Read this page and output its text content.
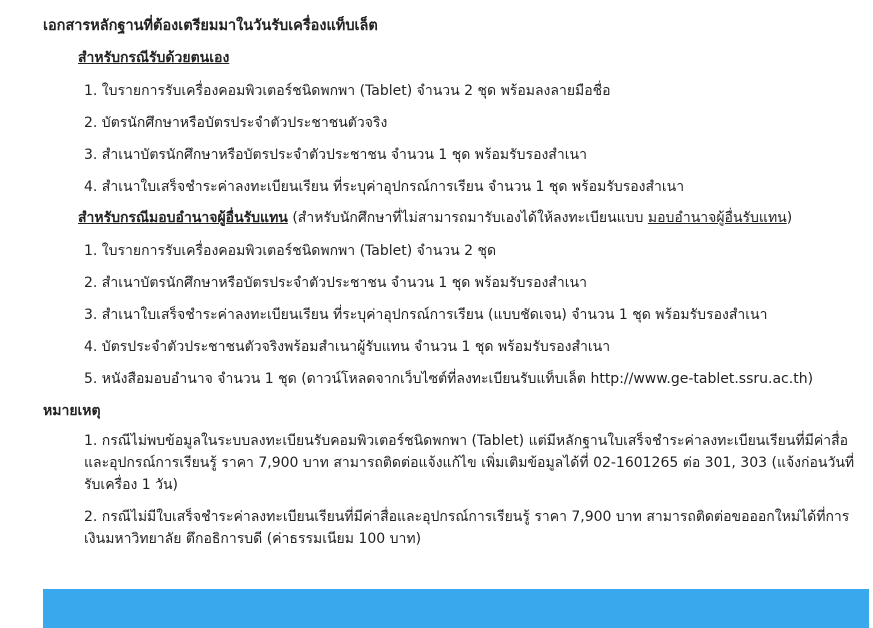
เอกสารหลักฐานที่ต้องเตรียมมาในวันรับเครื่องแท็บเล็ต
สำหรับกรณีรับด้วยตนเอง
1. ใบรายการรับเครื่องคอมพิวเตอร์ชนิดพกพา (Tablet) จำนวน 2 ชุด พร้อมลงลายมือชื่อ
2. บัตรนักศึกษาหรือบัตรประจำตัวประชาชนตัวจริง
3. สำเนาบัตรนักศึกษาหรือบัตรประจำตัวประชาชน จำนวน 1 ชุด พร้อมรับรองสำเนา
4. สำเนาใบเสร็จชำระค่าลงทะเบียนเรียน ที่ระบุค่าอุปกรณ์การเรียน จำนวน 1 ชุด พร้อมรับรองสำเนา
สำหรับกรณีมอบอำนาจผู้อื่นรับแทน (สำหรับนักศึกษาที่ไม่สามารถมารับเองได้ให้ลงทะเบียนแบบ มอบอำนาจผู้อื่นรับแทน)
1. ใบรายการรับเครื่องคอมพิวเตอร์ชนิดพกพา (Tablet) จำนวน 2 ชุด
2. สำเนาบัตรนักศึกษาหรือบัตรประจำตัวประชาชน จำนวน 1 ชุด พร้อมรับรองสำเนา
3. สำเนาใบเสร็จชำระค่าลงทะเบียนเรียน ที่ระบุค่าอุปกรณ์การเรียน (แบบชัดเจน) จำนวน 1 ชุด พร้อมรับรองสำเนา
4. บัตรประจำตัวประชาชนตัวจริงพร้อมสำเนาผู้รับแทน จำนวน 1 ชุด พร้อมรับรองสำเนา
5. หนังสือมอบอำนาจ จำนวน 1 ชุด (ดาวน์โหลดจากเว็บไซต์ที่ลงทะเบียนรับแท็บเล็ต http://www.ge-tablet.ssru.ac.th)
หมายเหตุ
1. กรณีไม่พบข้อมูลในระบบลงทะเบียนรับคอมพิวเตอร์ชนิดพกพา (Tablet) แต่มีหลักฐานใบเสร็จชำระค่าลงทะเบียนเรียนที่มีค่าสื่อและอุปกรณ์การเรียนรู้ ราคา 7,900 บาท สามารถติดต่อแจ้งแก้ไข เพิ่มเติมข้อมูลได้ที่ 02-1601265 ต่อ 301, 303 (แจ้งก่อนวันที่รับเครื่อง 1 วัน)
2. กรณีไม่มีใบเสร็จชำระค่าลงทะเบียนเรียนที่มีค่าสื่อและอุปกรณ์การเรียนรู้ ราคา 7,900 บาท สามารถติดต่อขอออกใหม่ได้ที่การเงินมหาวิทยาลัย ตึกอธิการบดี (ค่าธรรมเนียม 100 บาท)
